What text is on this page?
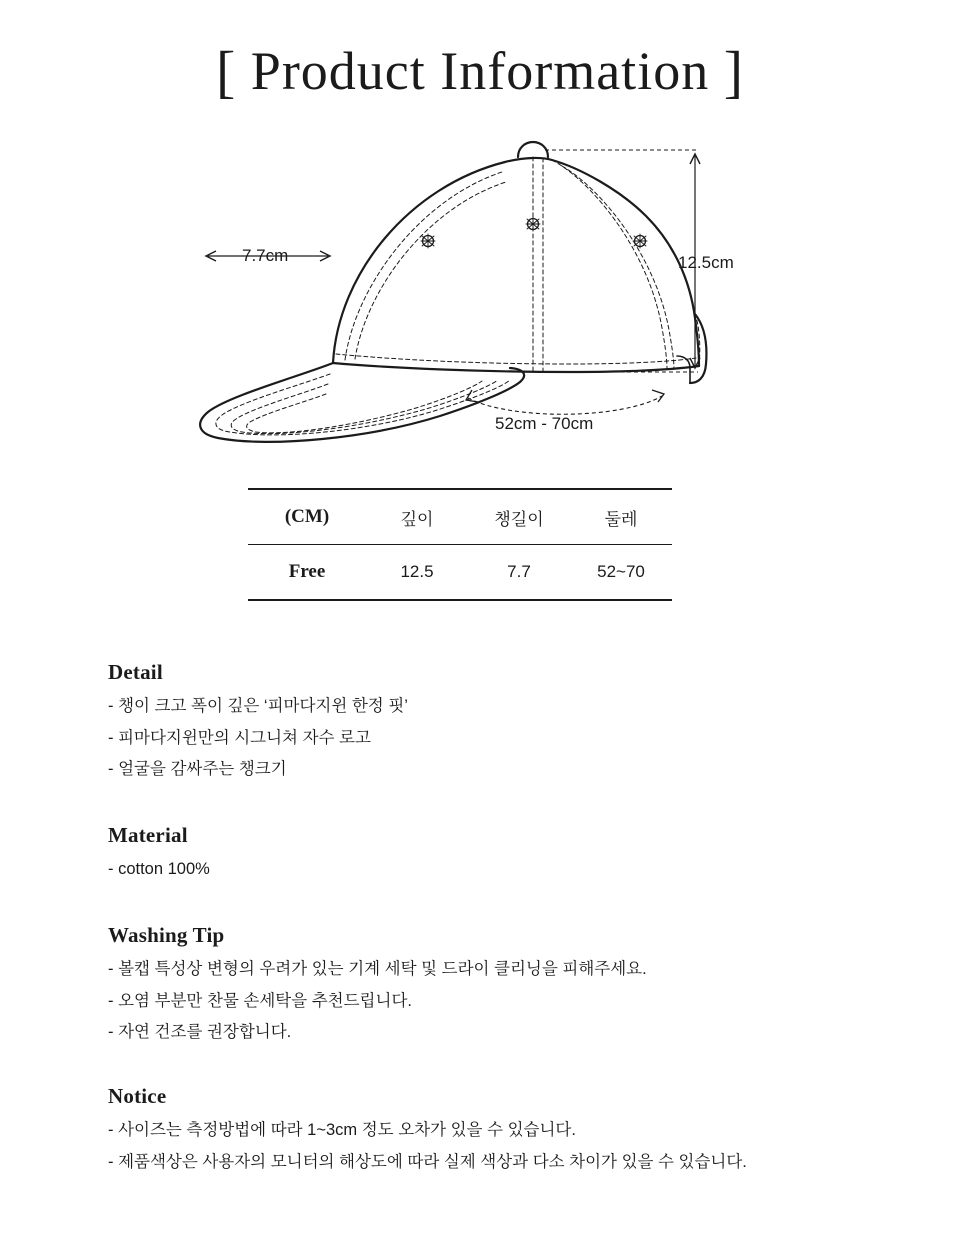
[ Product Information ]
7.7cm	12.5cm
52cm - 70cm
(CM)	깊이	챙길이	둘레
Free	12.5	7.7	52~70
Detail

- 챙이 크고 폭이 깊은 ‘피마다지윈 한정 핏’

- 피마다지윈만의 시그니쳐 자수 로고

- 얼굴을 감싸주는 챙크기

Material

- cotton 100%

Washing Tip

- 볼캡 특성상 변형의 우려가 있는 기계 세탁 및 드라이 클리닝을 피해주세요.

- 오염 부분만 찬물 손세탁을 추천드립니다.

- 자연 건조를 권장합니다.

Notice

- 사이즈는 측정방법에 따라 1~3cm 정도 오차가 있을 수 있습니다.

- 제품색상은 사용자의 모니터의 해상도에 따라 실제 색상과 다소 차이가 있을 수 있습니다.
